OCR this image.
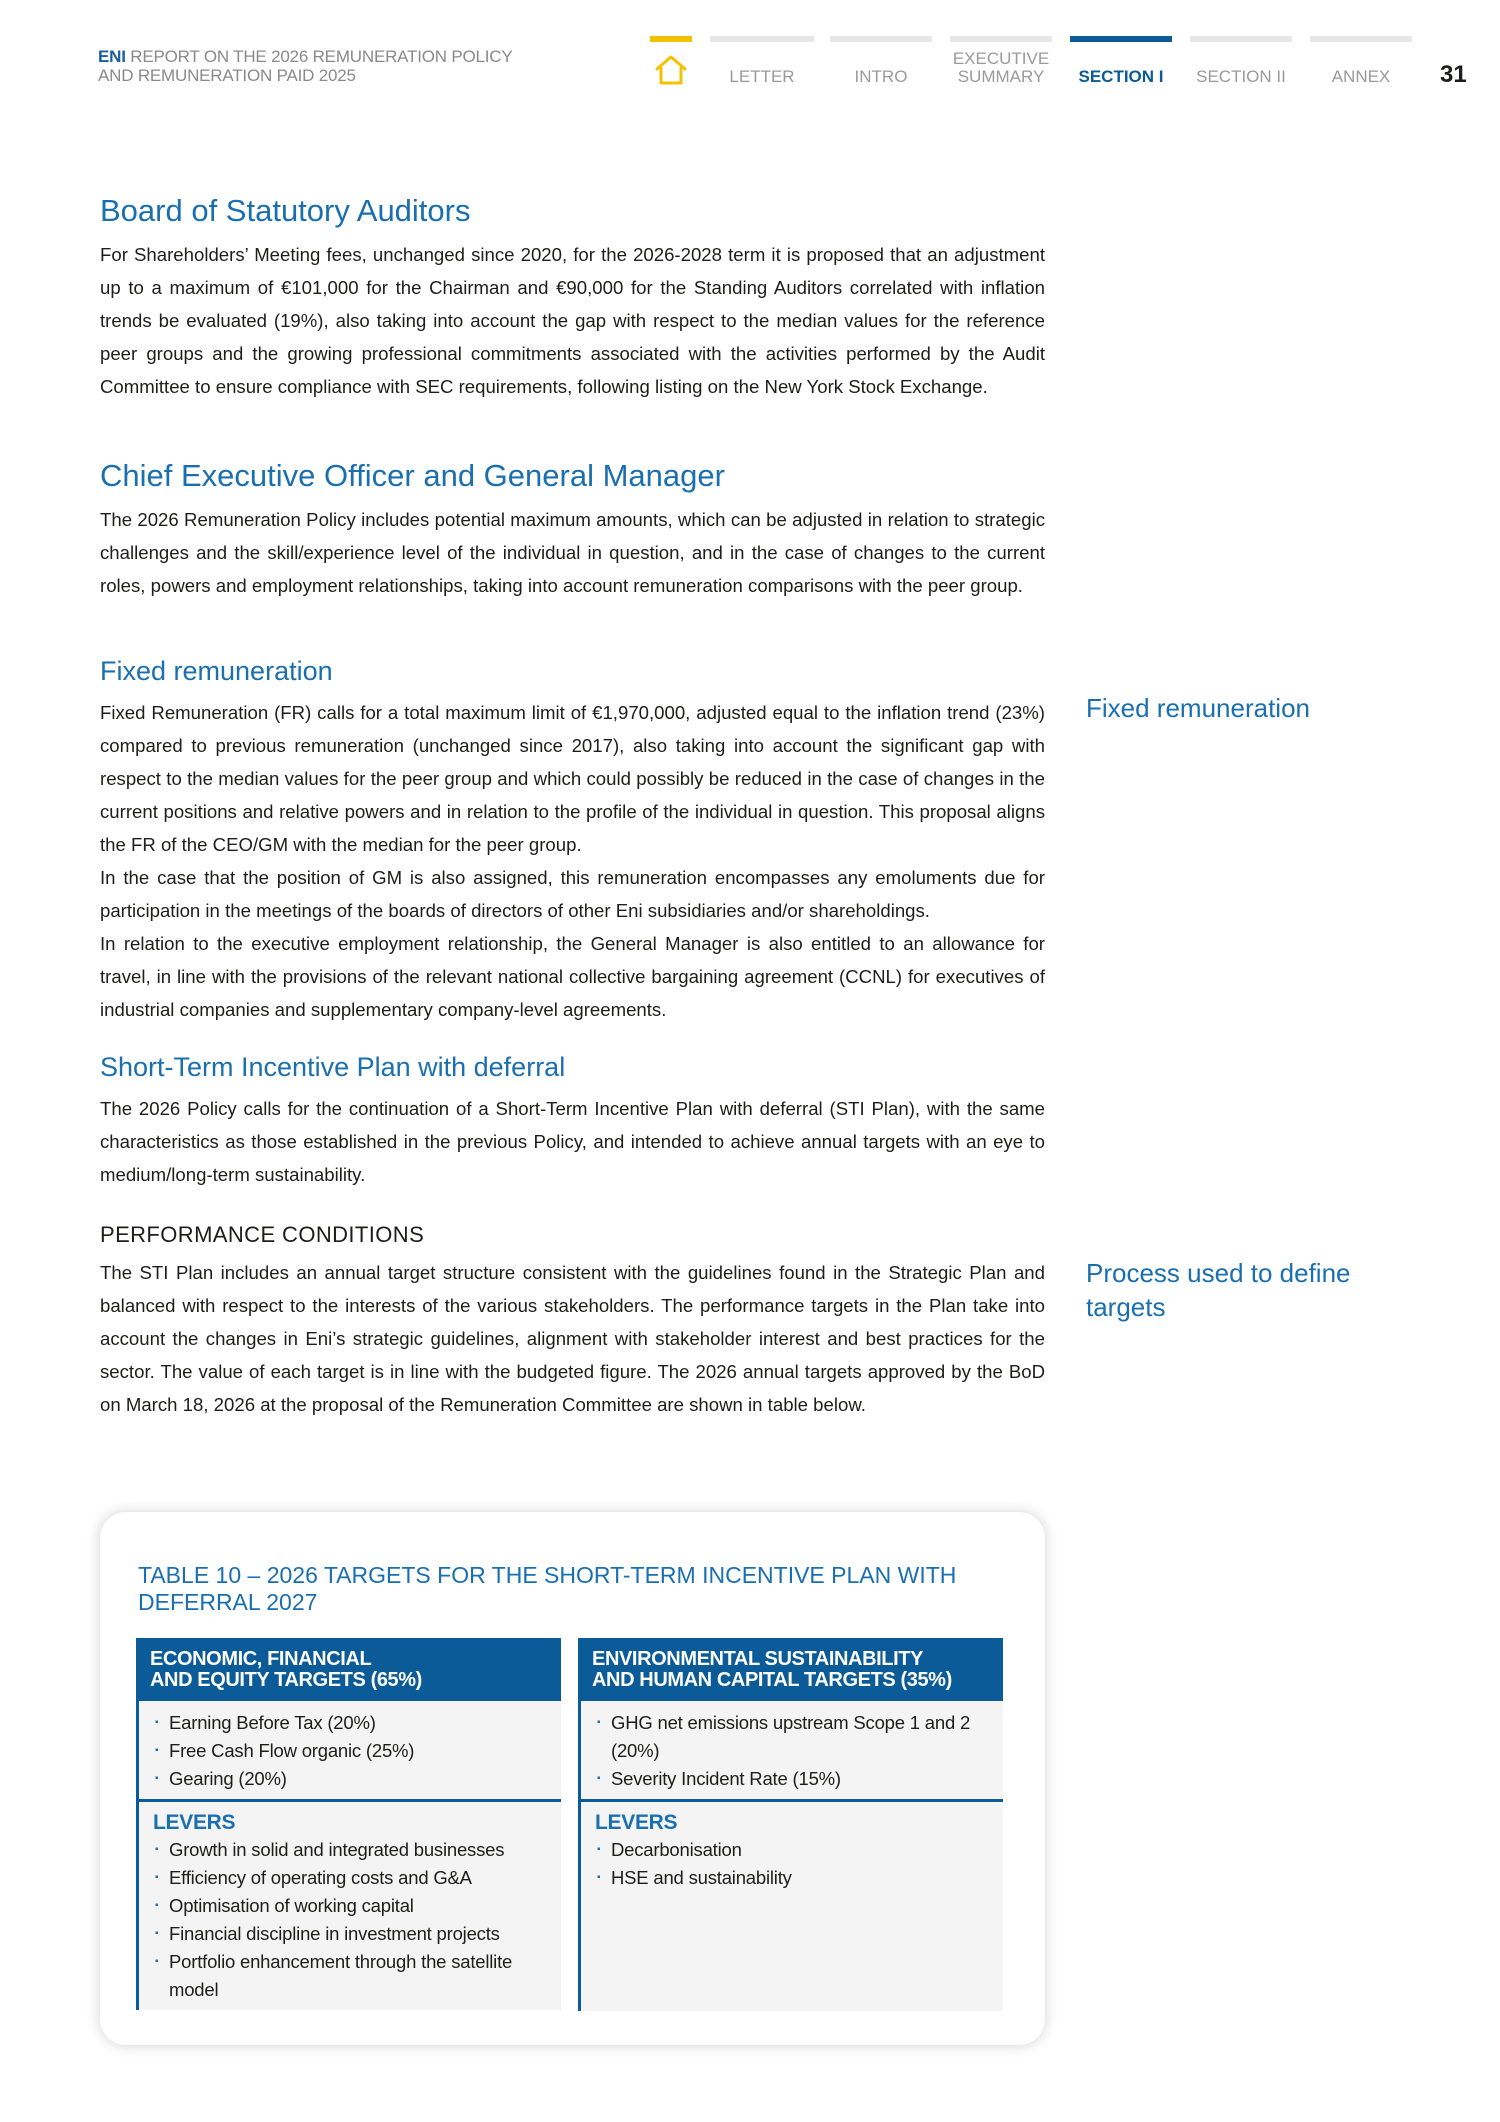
ENI REPORT ON THE 2026 REMUNERATION POLICY
AND REMUNERATION PAID 2025	LETTER	INTRO
EXECUTIVE
SUMMARY	SECTION I	SECTION II	ANNEX	31
Board of Statutory Auditors

For Shareholders’ Meeting fees, unchanged since 2020, for the 2026-2028 term it is proposed that an adjustment up to a maximum of €101,000 for the Chairman and €90,000 for the Standing Auditors correlated with inflation trends be evaluated (19%), also taking into account the gap with respect to the median values for the reference peer groups and the growing professional commitments associated with the activities performed by the Audit Committee to ensure compliance with SEC requirements, following listing on the New York Stock Exchange.

Chief Executive Officer and General Manager

The 2026 Remuneration Policy includes potential maximum amounts, which can be adjusted in relation to strategic challenges and the skill/experience level of the individual in question, and in the case of changes to the current roles, powers and employment relationships, taking into account remuneration comparisons with the peer group.

Fixed remuneration

Fixed Remuneration (FR) calls for a total maximum limit of €1,970,000, adjusted equal to the inflation trend (23%) compared to previous remuneration (unchanged since 2017), also taking into account the significant gap with respect to the median values for the peer group and which could possibly be reduced in the case of changes in the current positions and relative powers and in relation to the profile of the individual in question. This proposal aligns the FR of the CEO/GM with the median for the peer group.

In the case that the position of GM is also assigned, this remuneration encompasses any emoluments due for participation in the meetings of the boards of directors of other Eni subsidiaries and/or shareholdings.

In relation to the executive employment relationship, the General Manager is also entitled to an allowance for travel, in line with the provisions of the relevant national collective bargaining agreement (CCNL) for executives of industrial companies and supplementary company-level agreements.

Short-Term Incentive Plan with deferral

The 2026 Policy calls for the continuation of a Short-Term Incentive Plan with deferral (STI Plan), with the same characteristics as those established in the previous Policy, and intended to achieve annual targets with an eye to medium/long-term sustainability.

PERFORMANCE CONDITIONS

The STI Plan includes an annual target structure consistent with the guidelines found in the Strategic Plan and balanced with respect to the interests of the various stakeholders. The performance targets in the Plan take into account the changes in Eni’s strategic guidelines, alignment with stakeholder interest and best practices for the sector. The value of each target is in line with the budgeted figure. The 2026 annual targets approved by the BoD on March 18, 2026 at the proposal of the Remuneration Committee are shown in table below.

Fixed remuneration
Process used to define targets
TABLE 10 – 2026 TARGETS FOR THE SHORT-TERM INCENTIVE PLAN WITH DEFERRAL 2027
ECONOMIC, FINANCIAL
AND EQUITY TARGETS (65%)
▪ Earning Before Tax (20%)
▪ Free Cash Flow organic (25%)
▪ Gearing (20%)
LEVERS
▪ Growth in solid and integrated businesses
▪ Efficiency of operating costs and G&A
▪ Optimisation of working capital
▪ Financial discipline in investment projects
▪ Portfolio enhancement through the satellite model
ENVIRONMENTAL SUSTAINABILITY
AND HUMAN CAPITAL TARGETS (35%)
▪ GHG net emissions upstream Scope 1 and 2 (20%)
▪ Severity Incident Rate (15%)
LEVERS
▪ Decarbonisation
▪ HSE and sustainability
